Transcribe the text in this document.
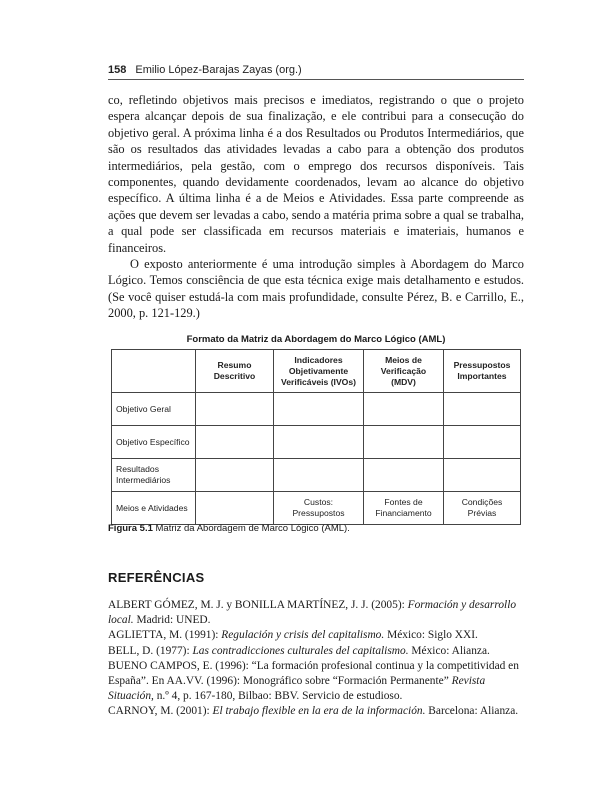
158 Emilio López-Barajas Zayas (org.)

co, refletindo objetivos mais precisos e imediatos, registrando o que o projeto espera alcançar depois de sua finalização, e ele contribui para a consecução do objetivo geral. A próxima linha é a dos Resultados ou Produtos Intermediários, que são os resultados das atividades levadas a cabo para a obtenção dos produtos intermediários, pela gestão, com o emprego dos recursos disponíveis. Tais componentes, quando devidamente coordenados, levam ao alcance do objetivo específico. A última linha é a de Meios e Atividades. Essa parte compreende as ações que devem ser levadas a cabo, sendo a matéria prima sobre a qual se trabalha, a qual pode ser classificada em recursos materiais e imateriais, humanos e financeiros.

O exposto anteriormente é uma introdução simples à Abordagem do Marco Lógico. Temos consciência de que esta técnica exige mais detalhamento e estudos. (Se você quiser estudá-la com mais profundidade, consulte Pérez, B. e Carrillo, E., 2000, p. 121-129.)

Formato da Matriz da Abordagem do Marco Lógico (AML)
	Resumo Descritivo	Indicadores Objetivamente Verificáveis (IVOs)	Meios de Verificação (MDV)	Pressupostos Importantes
Objetivo Geral				
Objetivo Específico				
Resultados Intermediários				
Meios e Atividades		Custos: Pressupostos	Fontes de Financiamento	Condições Prévias
Figura 5.1 Matriz da Abordagem de Marco Lógico (AML).
REFERÊNCIAS

ALBERT GÓMEZ, M. J. y BONILLA MARTÍNEZ, J. J. (2005): Formación y desarrollo local. Madrid: UNED.

AGLIETTA, M. (1991): Regulación y crisis del capitalismo. México: Siglo XXI.

BELL, D. (1977): Las contradicciones culturales del capitalismo. México: Alianza.

BUENO CAMPOS, E. (1996): “La formación profesional continua y la competitividad en España”. En AA.VV. (1996): Monográfico sobre “Formación Permanente” Revista Situación, n.º 4, p. 167-180, Bilbao: BBV. Servicio de estudioso.

CARNOY, M. (2001): El trabajo flexible en la era de la información. Barcelona: Alianza.
